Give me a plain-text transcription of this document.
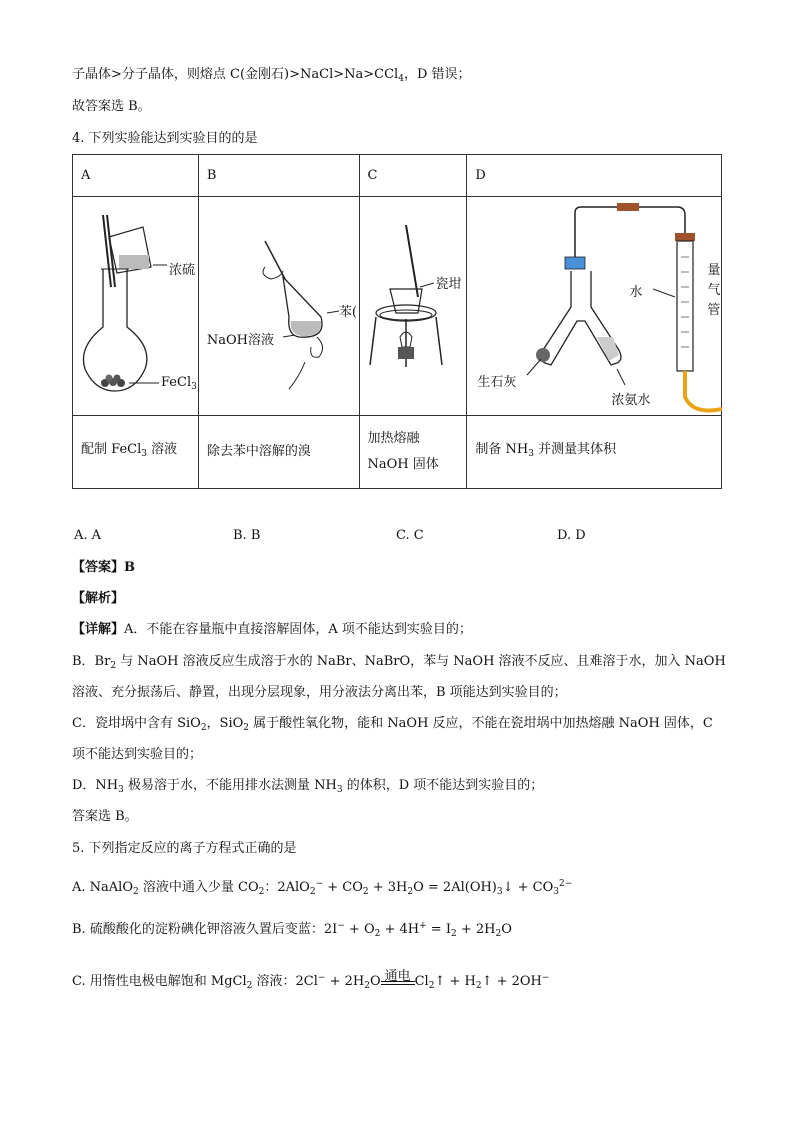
子晶体>分子晶体，则熔点 C(金刚石)>NaCl>Na>CCl$_4$，D 错误；
故答案选 B。
4. 下列实验能达到实验目的的是
A	B	C	D

浓硫
FeCl$_3$	苯(
NaOH溶液	瓷坩	水
量气管
生石灰
浓氨水

配制 FeCl$_3$ 溶液	除去苯中溶解的溴	加热熔融
NaOH 固体	制备 $NH_3$ 并测量其体积
A. A	B. B	C. C	D. D
【答案】B
【解析】
【详解】A．不能在容量瓶中直接溶解固体，A 项不能达到实验目的；
B．$Br_2$ 与 NaOH 溶液反应生成溶于水的 NaBr、NaBrO，苯与 NaOH 溶液不反应、且难溶于水，加入 NaOH
溶液、充分振荡后、静置，出现分层现象，用分液法分离出苯，B 项能达到实验目的；
C．瓷坩埚中含有 SiO$_2$，SiO$_2$ 属于酸性氧化物，能和 NaOH 反应，不能在瓷坩埚中加热熔融 NaOH 固体，C
项不能达到实验目的；
D．$NH_3$ 极易溶于水，不能用排水法测量 $NH_3$ 的体积，D 项不能达到实验目的；
答案选 B。
5. 下列指定反应的离子方程式正确的是
A. NaAlO$_2$ 溶液中通入少量 $CO_2$：$2AlO_2^- + CO_2 + 3H_2O$ = $2Al(OH)_3↓ + CO_3^{2-}$
B. 硫酸酸化的淀粉碘化钾溶液久置后变蓝：$2I^- + O_2 + 4H^+ = I_2 + 2H_2O$
C. 用惰性电极电解饱和 MgCl$_2$ 溶液：$2Cl^- + 2H_2O$ 通电 $Cl_2↑$ + $H_2↑ + 2OH^-$
